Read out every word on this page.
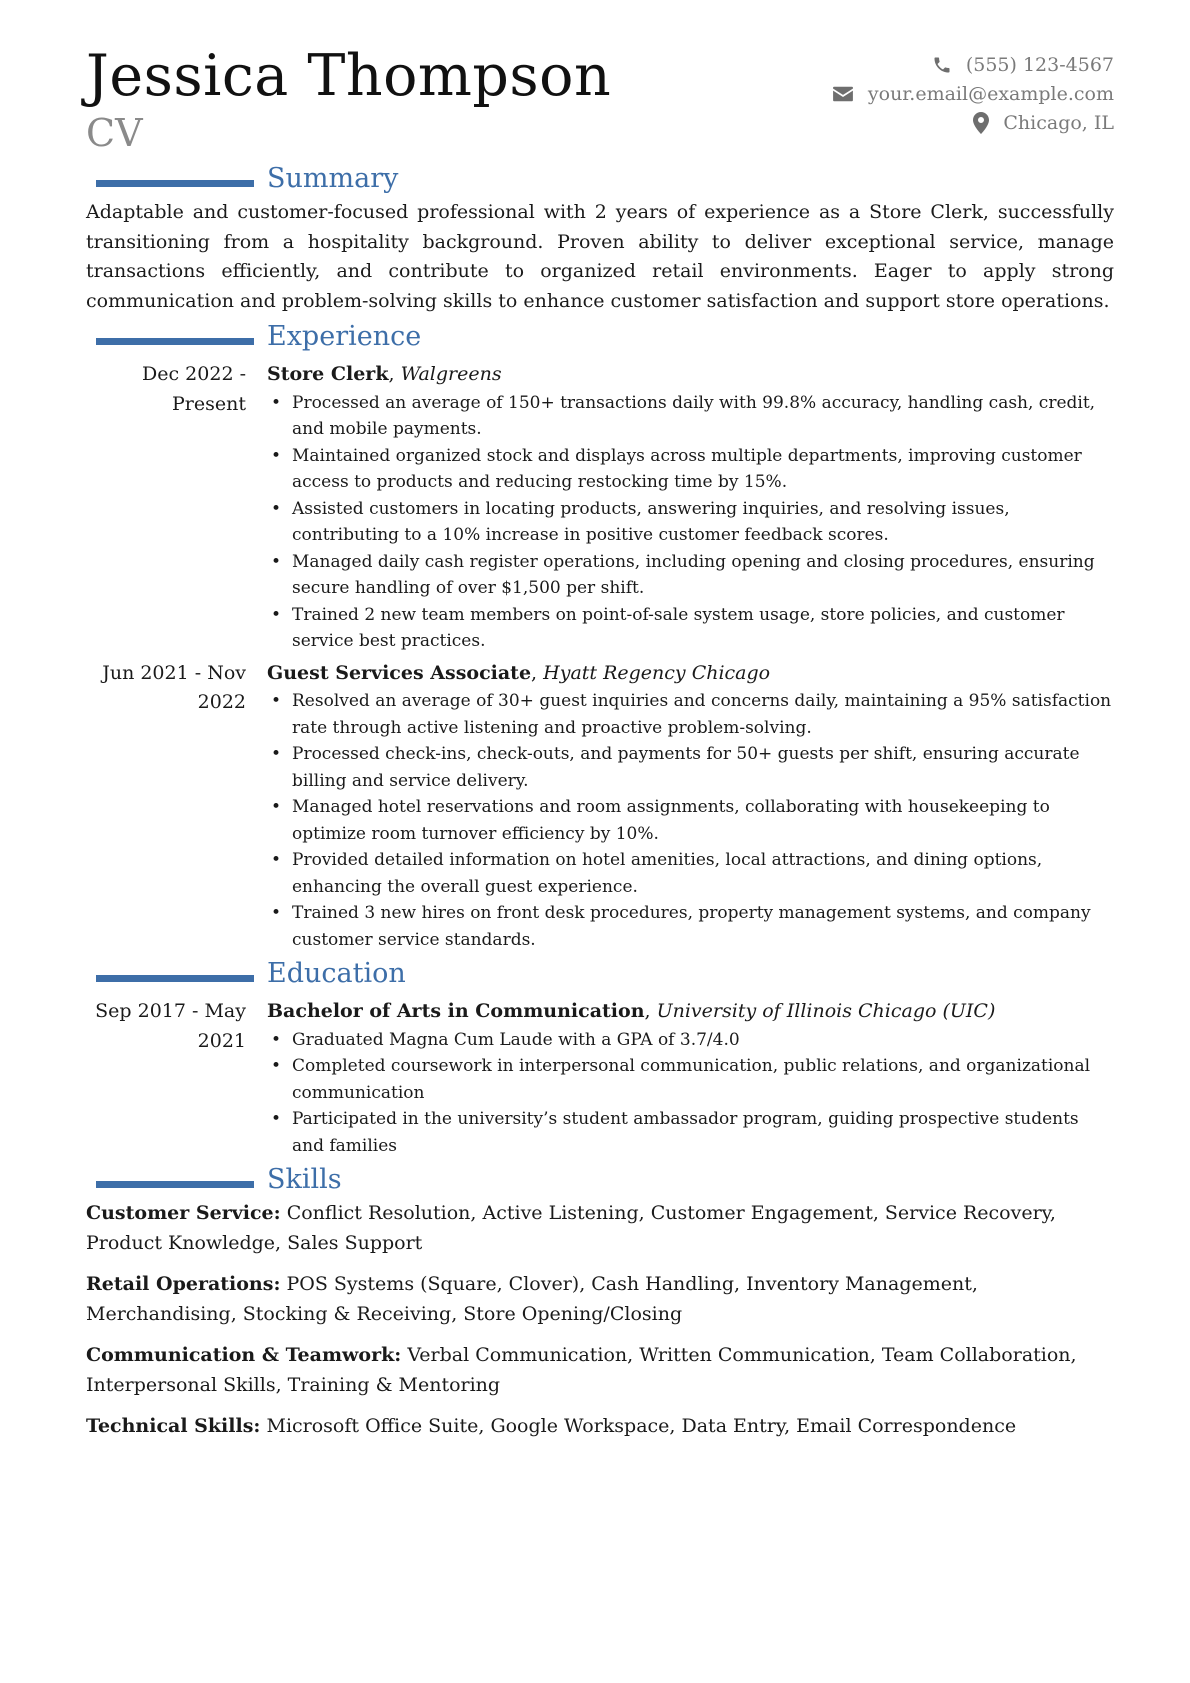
Jessica Thompson
CV
(555) 123-4567
your.email@example.com
Chicago, IL
Summary

Adaptable and customer-focused professional with 2 years of experience as a Store Clerk, successfully transitioning from a hospitality background. Proven ability to deliver exceptional service, manage transactions efficiently, and contribute to organized retail environments. Eager to apply strong communication and problem-solving skills to enhance customer satisfaction and support store operations.

Experience
Dec 2022 - Present
Store Clerk, Walgreens
• Processed an average of 150+ transactions daily with 99.8% accuracy, handling cash, credit, and mobile payments.
• Maintained organized stock and displays across multiple departments, improving customer access to products and reducing restocking time by 15%.
• Assisted customers in locating products, answering inquiries, and resolving issues, contributing to a 10% increase in positive customer feedback scores.
• Managed daily cash register operations, including opening and closing procedures, ensuring secure handling of over $1,500 per shift.
• Trained 2 new team members on point-of-sale system usage, store policies, and customer service best practices.
Jun 2021 - Nov 2022
Guest Services Associate, Hyatt Regency Chicago
• Resolved an average of 30+ guest inquiries and concerns daily, maintaining a 95% satisfaction rate through active listening and proactive problem-solving.
• Processed check-ins, check-outs, and payments for 50+ guests per shift, ensuring accurate billing and service delivery.
• Managed hotel reservations and room assignments, collaborating with housekeeping to optimize room turnover efficiency by 10%.
• Provided detailed information on hotel amenities, local attractions, and dining options, enhancing the overall guest experience.
• Trained 3 new hires on front desk procedures, property management systems, and company customer service standards.
Education
Sep 2017 - May 2021
Bachelor of Arts in Communication, University of Illinois Chicago (UIC)
• Graduated Magna Cum Laude with a GPA of 3.7/4.0
• Completed coursework in interpersonal communication, public relations, and organizational communication
• Participated in the university’s student ambassador program, guiding prospective students and families
Skills
Customer Service: Conflict Resolution, Active Listening, Customer Engagement, Service Recovery, Product Knowledge, Sales Support
Retail Operations: POS Systems (Square, Clover), Cash Handling, Inventory Management, Merchandising, Stocking & Receiving, Store Opening/Closing
Communication & Teamwork: Verbal Communication, Written Communication, Team Collaboration, Interpersonal Skills, Training & Mentoring
Technical Skills: Microsoft Office Suite, Google Workspace, Data Entry, Email Correspondence
